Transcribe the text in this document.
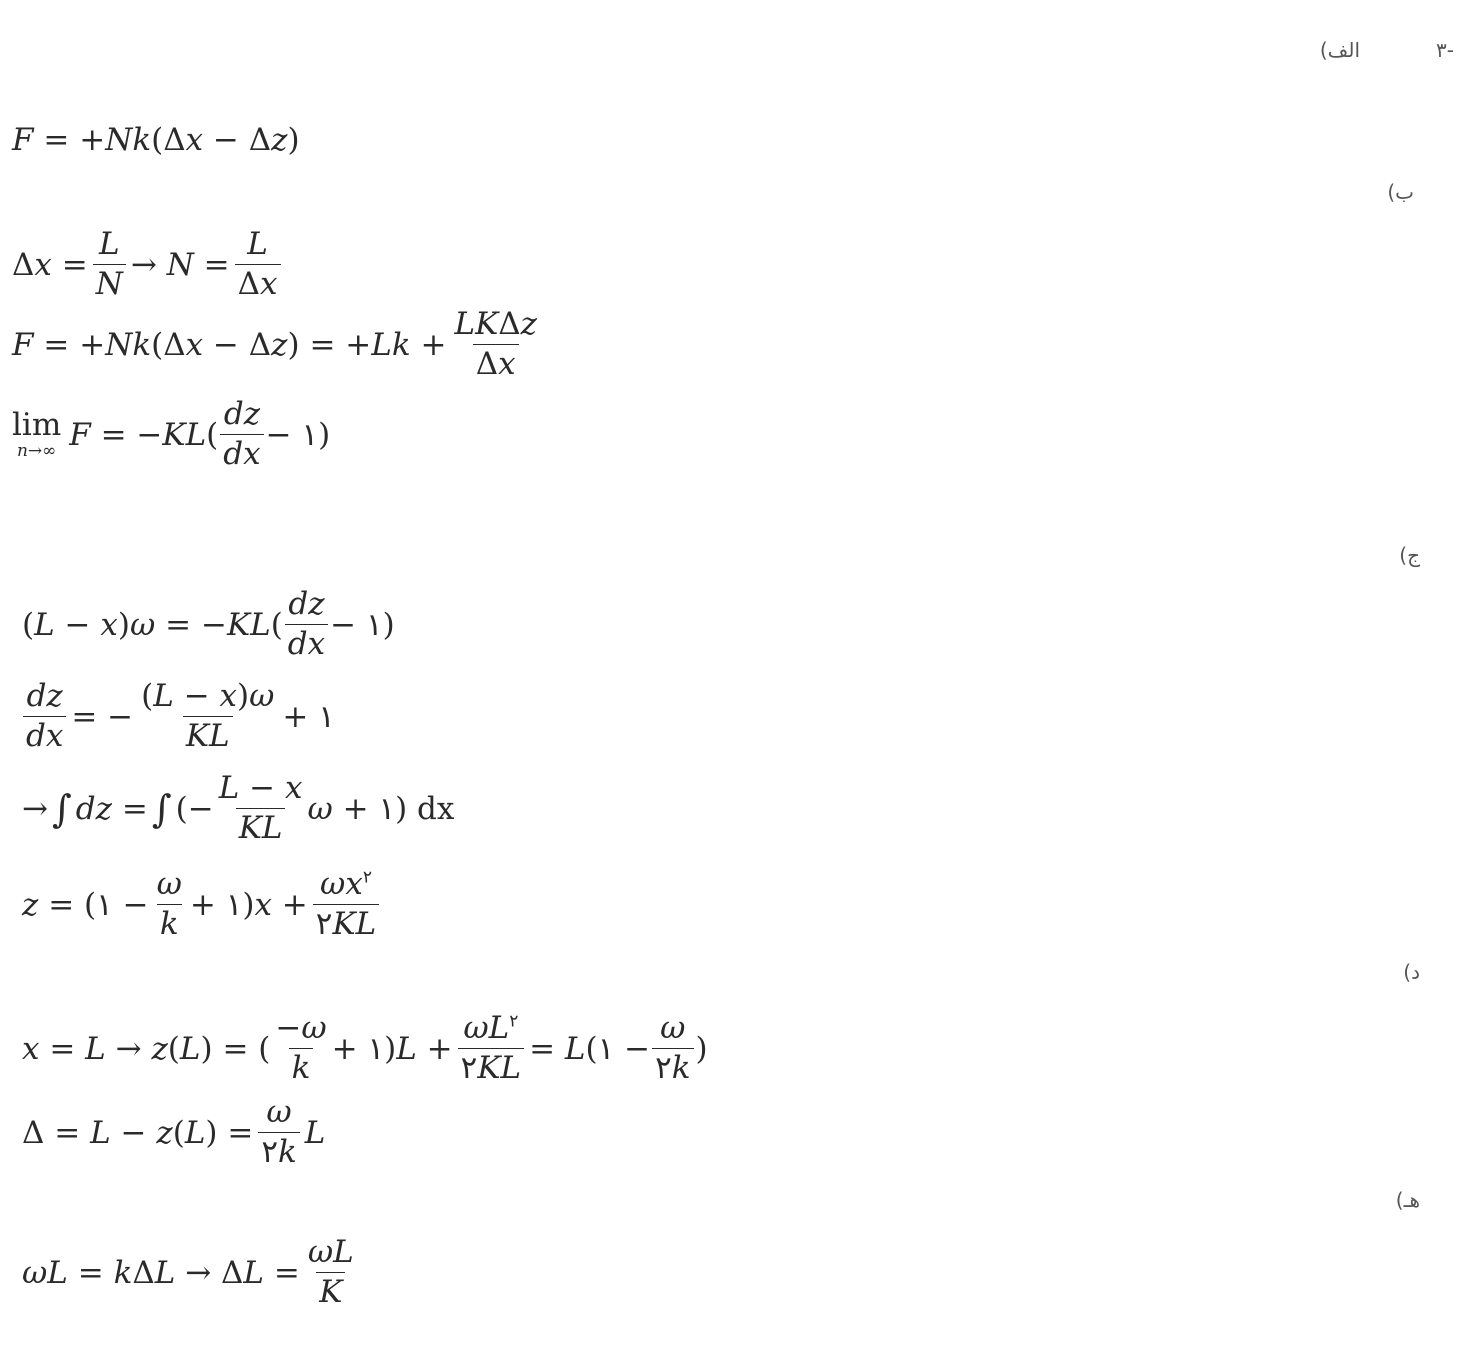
-۳
الف)
ب)
ج)
د)
هـ)
F = + Nk (Δ x − Δ z )
Δ $x = \frac{L}{N} \to N = \frac{L}{\Delta x}$
F = + Nk (Δ x − Δ z ) = + $Lk + \frac{\text{LKΔz}}{\Delta x}$
lim
n→∞ F = − KL ( $\frac{dz}{dx}$ − ۱)
( L − x ) ω = − KL ( $\frac{dz}{dx}$ − ۱)
$\frac{dz}{dx}$ = − $\frac{(L - x)\omega}{KL}$ + ۱
→ ∫ dz = ∫ (− $\frac{L - x}{KL}$ ω + ۱) dx
z = (۱ − $\frac{\omega}{k}$ + ۱) $x + \frac{\omega x^۲}{۲KL}$
x = L → z ( L ) = ( $\frac{-\omega}{k}$ + ۱) $L + \frac{\omega L^۲}{۲KL} = L$ (۱ − $\frac{\omega}{۲k}$ )
Δ = L − z ( L ) = $\frac{\omega}{۲k}$ L
ωL = k Δ L → Δ $L = \frac{\omega L}{K}$
